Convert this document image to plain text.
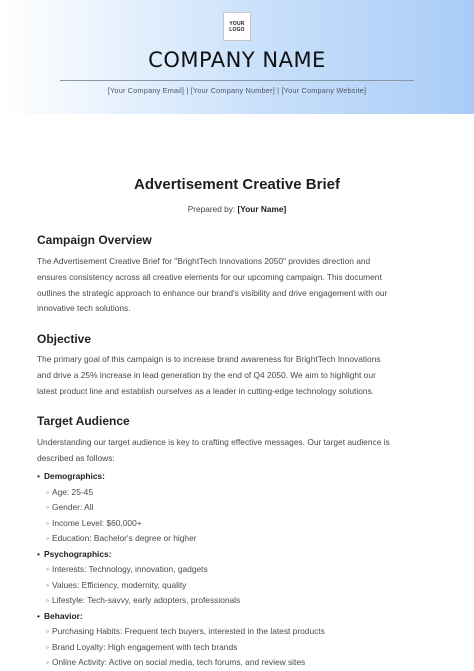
YOUR
LOGO
COMPANY NAME
[Your Company Email] | [Your Company Number] | [Your Company Website]
Advertisement Creative Brief
Prepared by: [Your Name]
Campaign Overview
The Advertisement Creative Brief for "BrightTech Innovations 2050" provides direction and
ensures consistency across all creative elements for our upcoming campaign. This document
outlines the strategic approach to enhance our brand's visibility and drive engagement with our
innovative tech solutions.
Objective
The primary goal of this campaign is to increase brand awareness for BrightTech Innovations
and drive a 25% increase in lead generation by the end of Q4 2050. We aim to highlight our
latest product line and establish ourselves as a leader in cutting-edge technology solutions.
Target Audience
Understanding our target audience is key to crafting effective messages. Our target audience is
described as follows:
• Demographics:
◦ Age: 25-45
◦ Gender: All
◦ Income Level: $60,000+
◦ Education: Bachelor's degree or higher
• Psychographics:
◦ Interests: Technology, innovation, gadgets
◦ Values: Efficiency, modernity, quality
◦ Lifestyle: Tech-savvy, early adopters, professionals
• Behavior:
◦ Purchasing Habits: Frequent tech buyers, interested in the latest products
◦ Brand Loyalty: High engagement with tech brands
◦ Online Activity: Active on social media, tech forums, and review sites
